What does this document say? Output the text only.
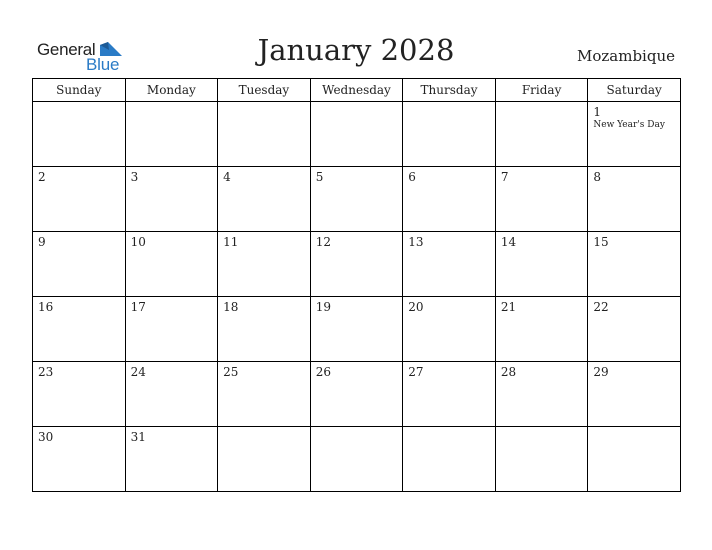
General
Blue	January 2028	Mozambique
Sunday	Monday	Tuesday	Wednesday	Thursday	Friday	Saturday

						1
New Year's Day

2	3	4	5	6	7	8

9	10	11	12	13	14	15

16	17	18	19	20	21	22

23	24	25	26	27	28	29

30	31					
